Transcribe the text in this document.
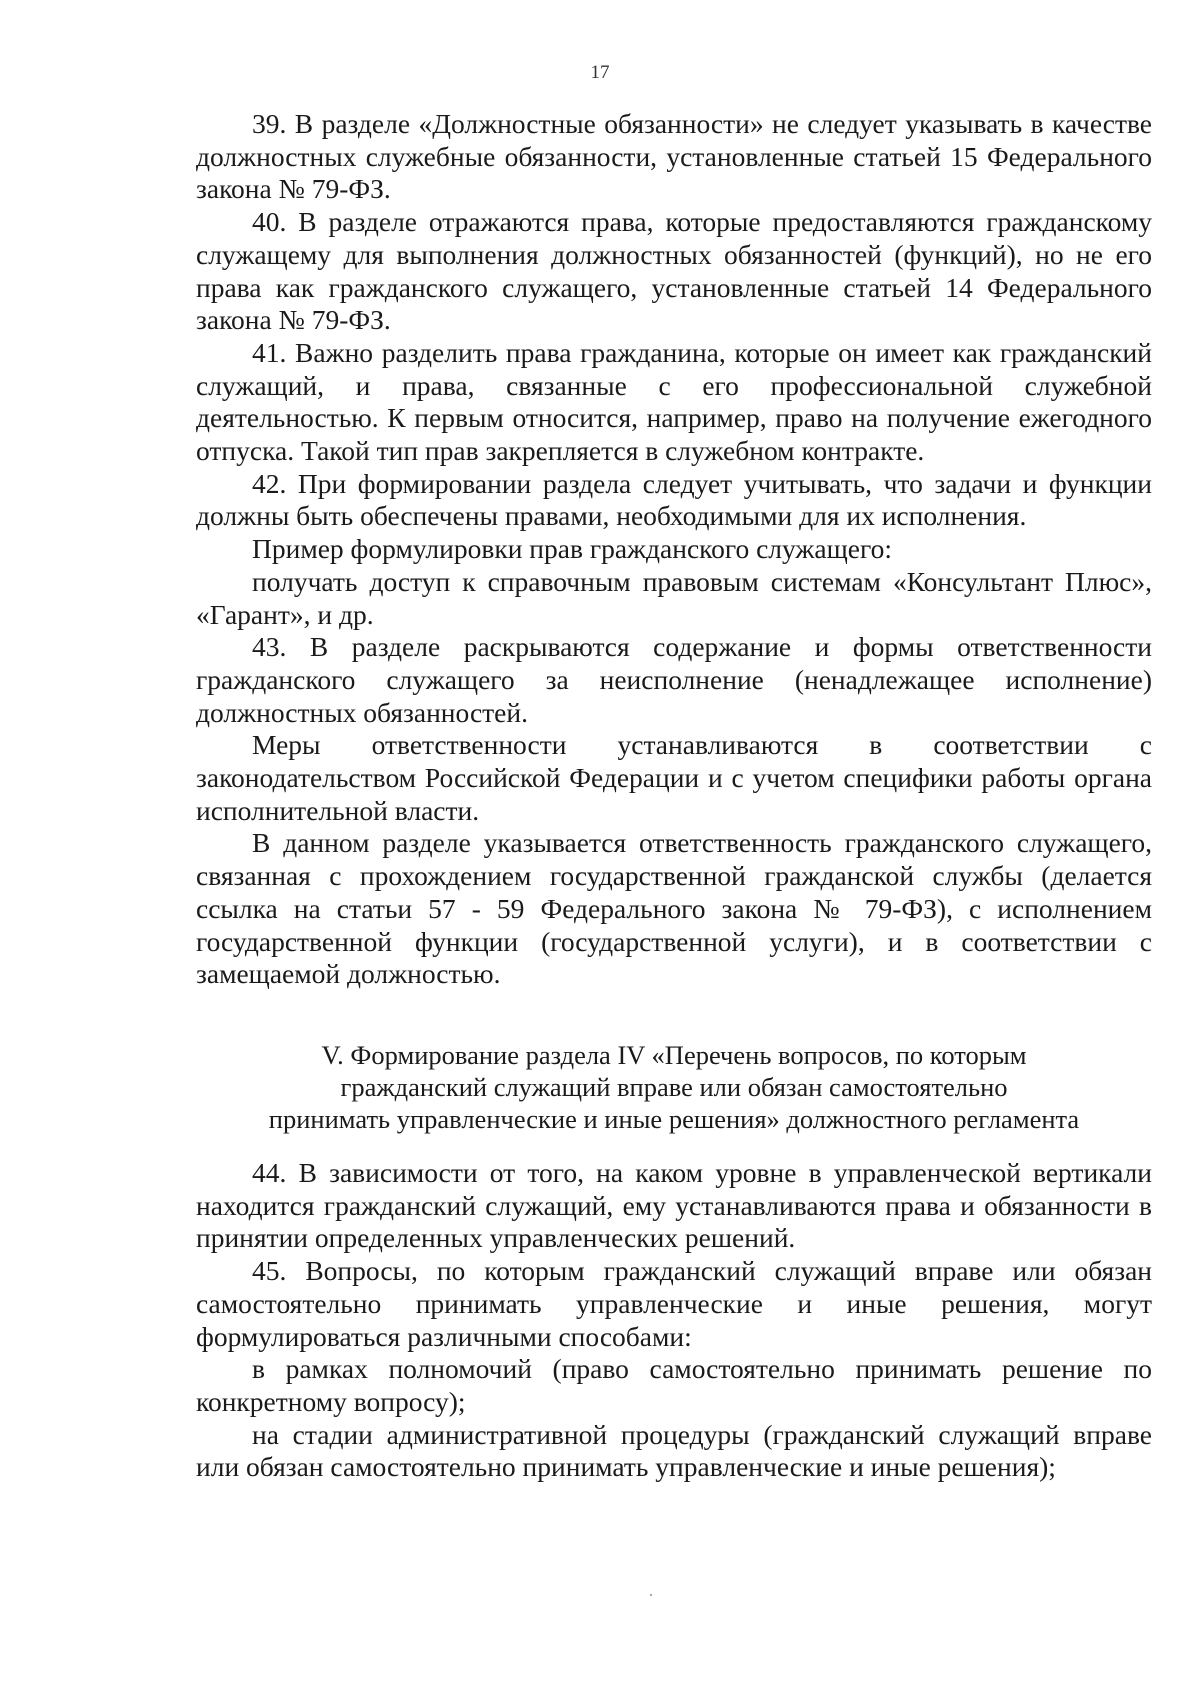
17

39. В разделе «Должностные обязанности» не следует указывать в качестве должностных служебные обязанности, установленные статьей 15 Федерального закона № 79-ФЗ.

40. В разделе отражаются права, которые предоставляются гражданскому служащему для выполнения должностных обязанностей (функций), но не его права как гражданского служащего, установленные статьей 14 Федерального закона № 79-ФЗ.

41. Важно разделить права гражданина, которые он имеет как гражданский служащий, и права, связанные с его профессиональной служебной деятельностью. К первым относится, например, право на получение ежегодного отпуска. Такой тип прав закрепляется в служебном контракте.

42. При формировании раздела следует учитывать, что задачи и функции должны быть обеспечены правами, необходимыми для их исполнения.

Пример формулировки прав гражданского служащего:

получать доступ к справочным правовым системам «Консультант Плюс», «Гарант», и др.

43. В разделе раскрываются содержание и формы ответственности гражданского служащего за неисполнение (ненадлежащее исполнение) должностных обязанностей.

Меры ответственности устанавливаются в соответствии с законодательством Российской Федерации и с учетом специфики работы органа исполнительной власти.

В данном разделе указывается ответственность гражданского служащего, связанная с прохождением государственной гражданской службы (делается ссылка на статьи 57 - 59 Федерального закона № 79-ФЗ), с исполнением государственной функции (государственной услуги), и в соответствии с замещаемой должностью.

V. Формирование раздела IV «Перечень вопросов, по которым
гражданский служащий вправе или обязан самостоятельно
принимать управленческие и иные решения» должностного регламента

44. В зависимости от того, на каком уровне в управленческой вертикали находится гражданский служащий, ему устанавливаются права и обязанности в принятии определенных управленческих решений.

45. Вопросы, по которым гражданский служащий вправе или обязан самостоятельно принимать управленческие и иные решения, могут формулироваться различными способами:

в рамках полномочий (право самостоятельно принимать решение по конкретному вопросу);

на стадии административной процедуры (гражданский служащий вправе или обязан самостоятельно принимать управленческие и иные решения);
